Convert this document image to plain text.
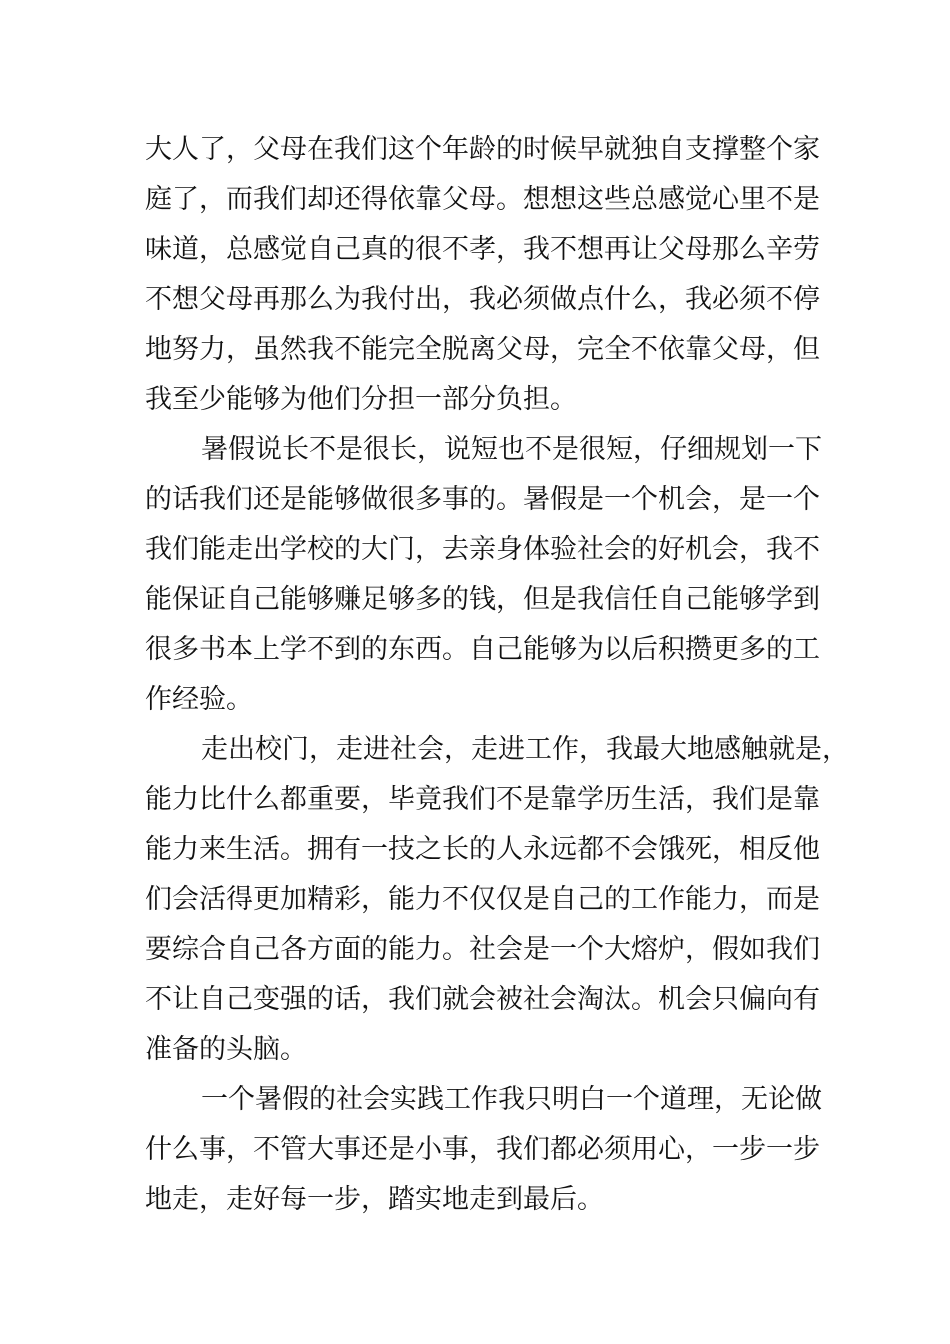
大人了，父母在我们这个年龄的时候早就独自支撑整个家
庭了，而我们却还得依靠父母。想想这些总感觉心里不是
味道，总感觉自己真的很不孝，我不想再让父母那么辛劳
不想父母再那么为我付出，我必须做点什么，我必须不停
地努力，虽然我不能完全脱离父母，完全不依靠父母，但
我至少能够为他们分担一部分负担。
暑假说长不是很长，说短也不是很短，仔细规划一下
的话我们还是能够做很多事的。暑假是一个机会，是一个
我们能走出学校的大门，去亲身体验社会的好机会，我不
能保证自己能够赚足够多的钱，但是我信任自己能够学到
很多书本上学不到的东西。自己能够为以后积攒更多的工
作经验。
走出校门，走进社会，走进工作，我最大地感触就是，
能力比什么都重要，毕竟我们不是靠学历生活，我们是靠
能力来生活。拥有一技之长的人永远都不会饿死，相反他
们会活得更加精彩，能力不仅仅是自己的工作能力，而是
要综合自己各方面的能力。社会是一个大熔炉，假如我们
不让自己变强的话，我们就会被社会淘汰。机会只偏向有
准备的头脑。
一个暑假的社会实践工作我只明白一个道理，无论做
什么事，不管大事还是小事，我们都必须用心，一步一步
地走，走好每一步，踏实地走到最后。
